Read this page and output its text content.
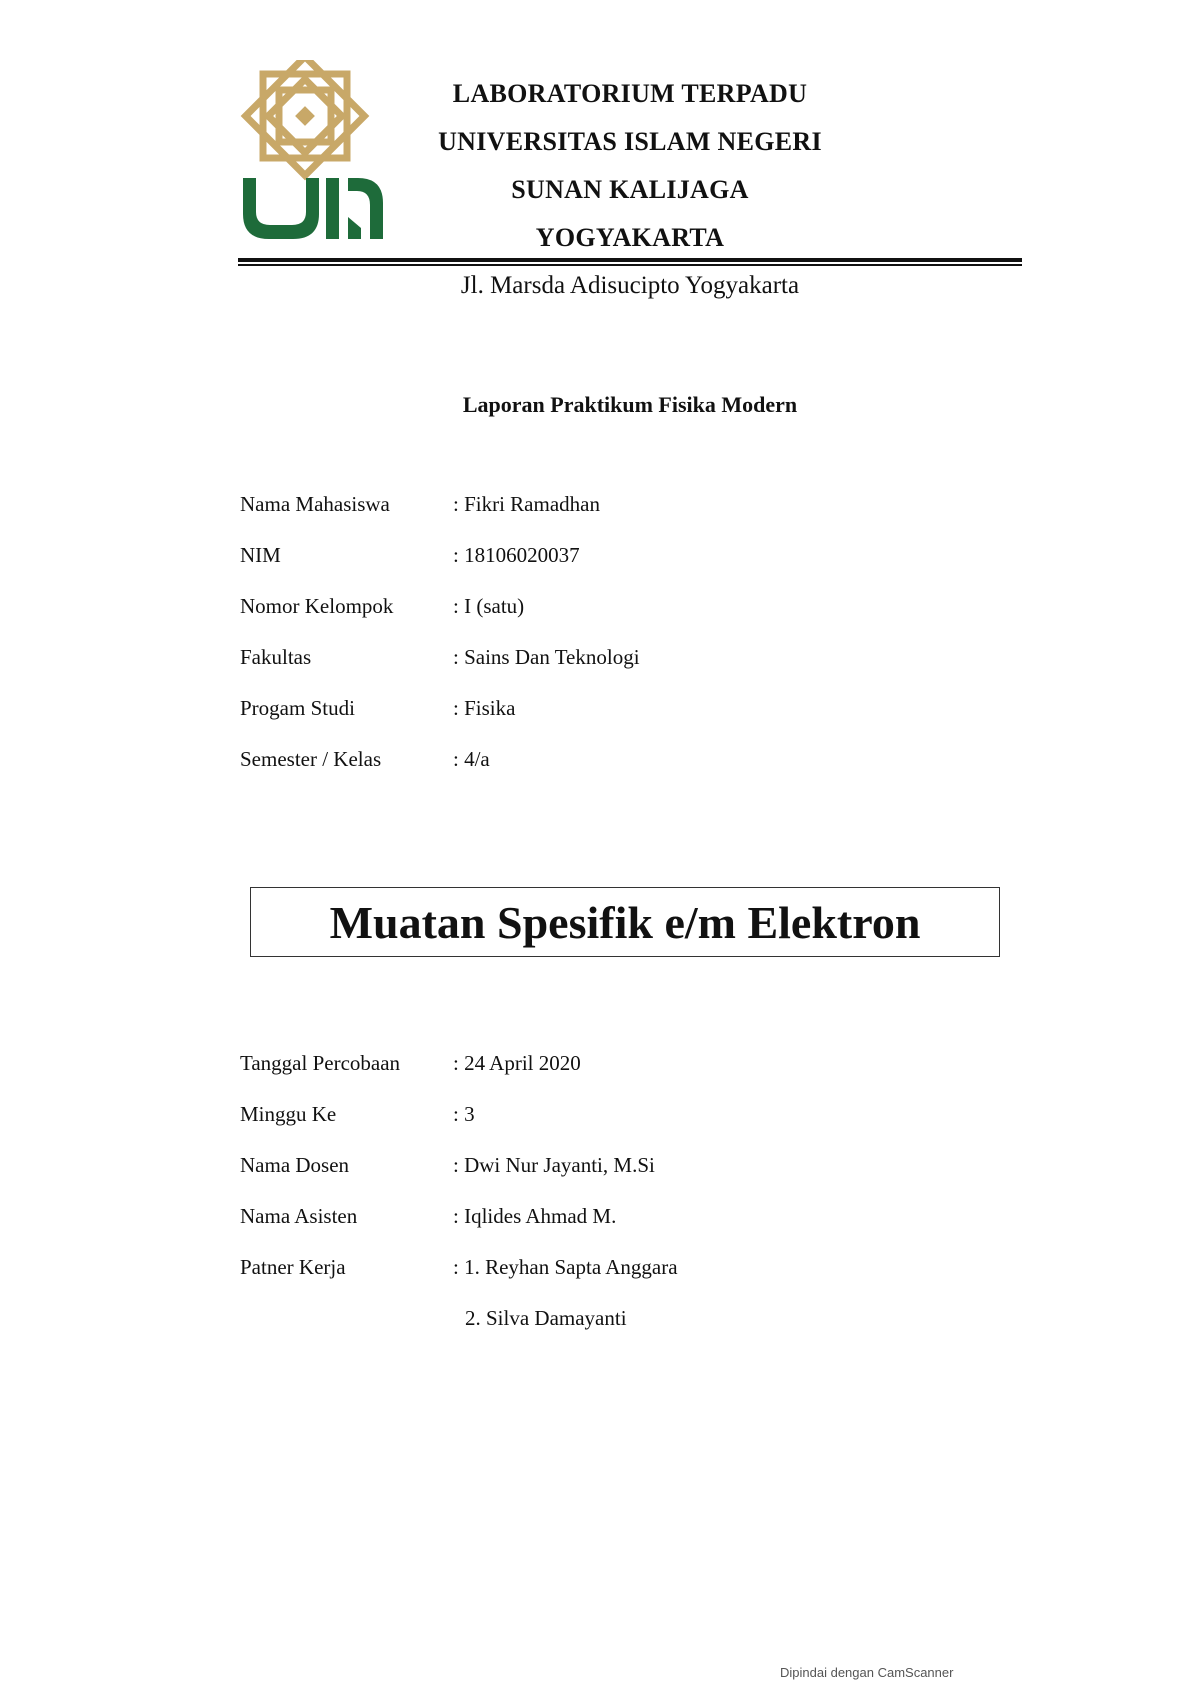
LABORATORIUM TERPADU
UNIVERSITAS ISLAM NEGERI
SUNAN KALIJAGA YOGYAKARTA
Jl. Marsda Adisucipto Yogyakarta
Laporan Praktikum Fisika Modern
Nama Mahasiswa	: Fikri Ramadhan
NIM	: 18106020037
Nomor Kelompok	: I (satu)
Fakultas	: Sains Dan Teknologi
Progam Studi	: Fisika
Semester / Kelas	: 4/a
Muatan Spesifik e/m Elektron
Tanggal Percobaan	: 24 April 2020
Minggu Ke	: 3
Nama Dosen	: Dwi Nur Jayanti, M.Si
Nama Asisten	: Iqlides Ahmad M.
Patner Kerja	: 1. Reyhan Sapta Anggara
2. Silva Damayanti
Dipindai dengan CamScanner
